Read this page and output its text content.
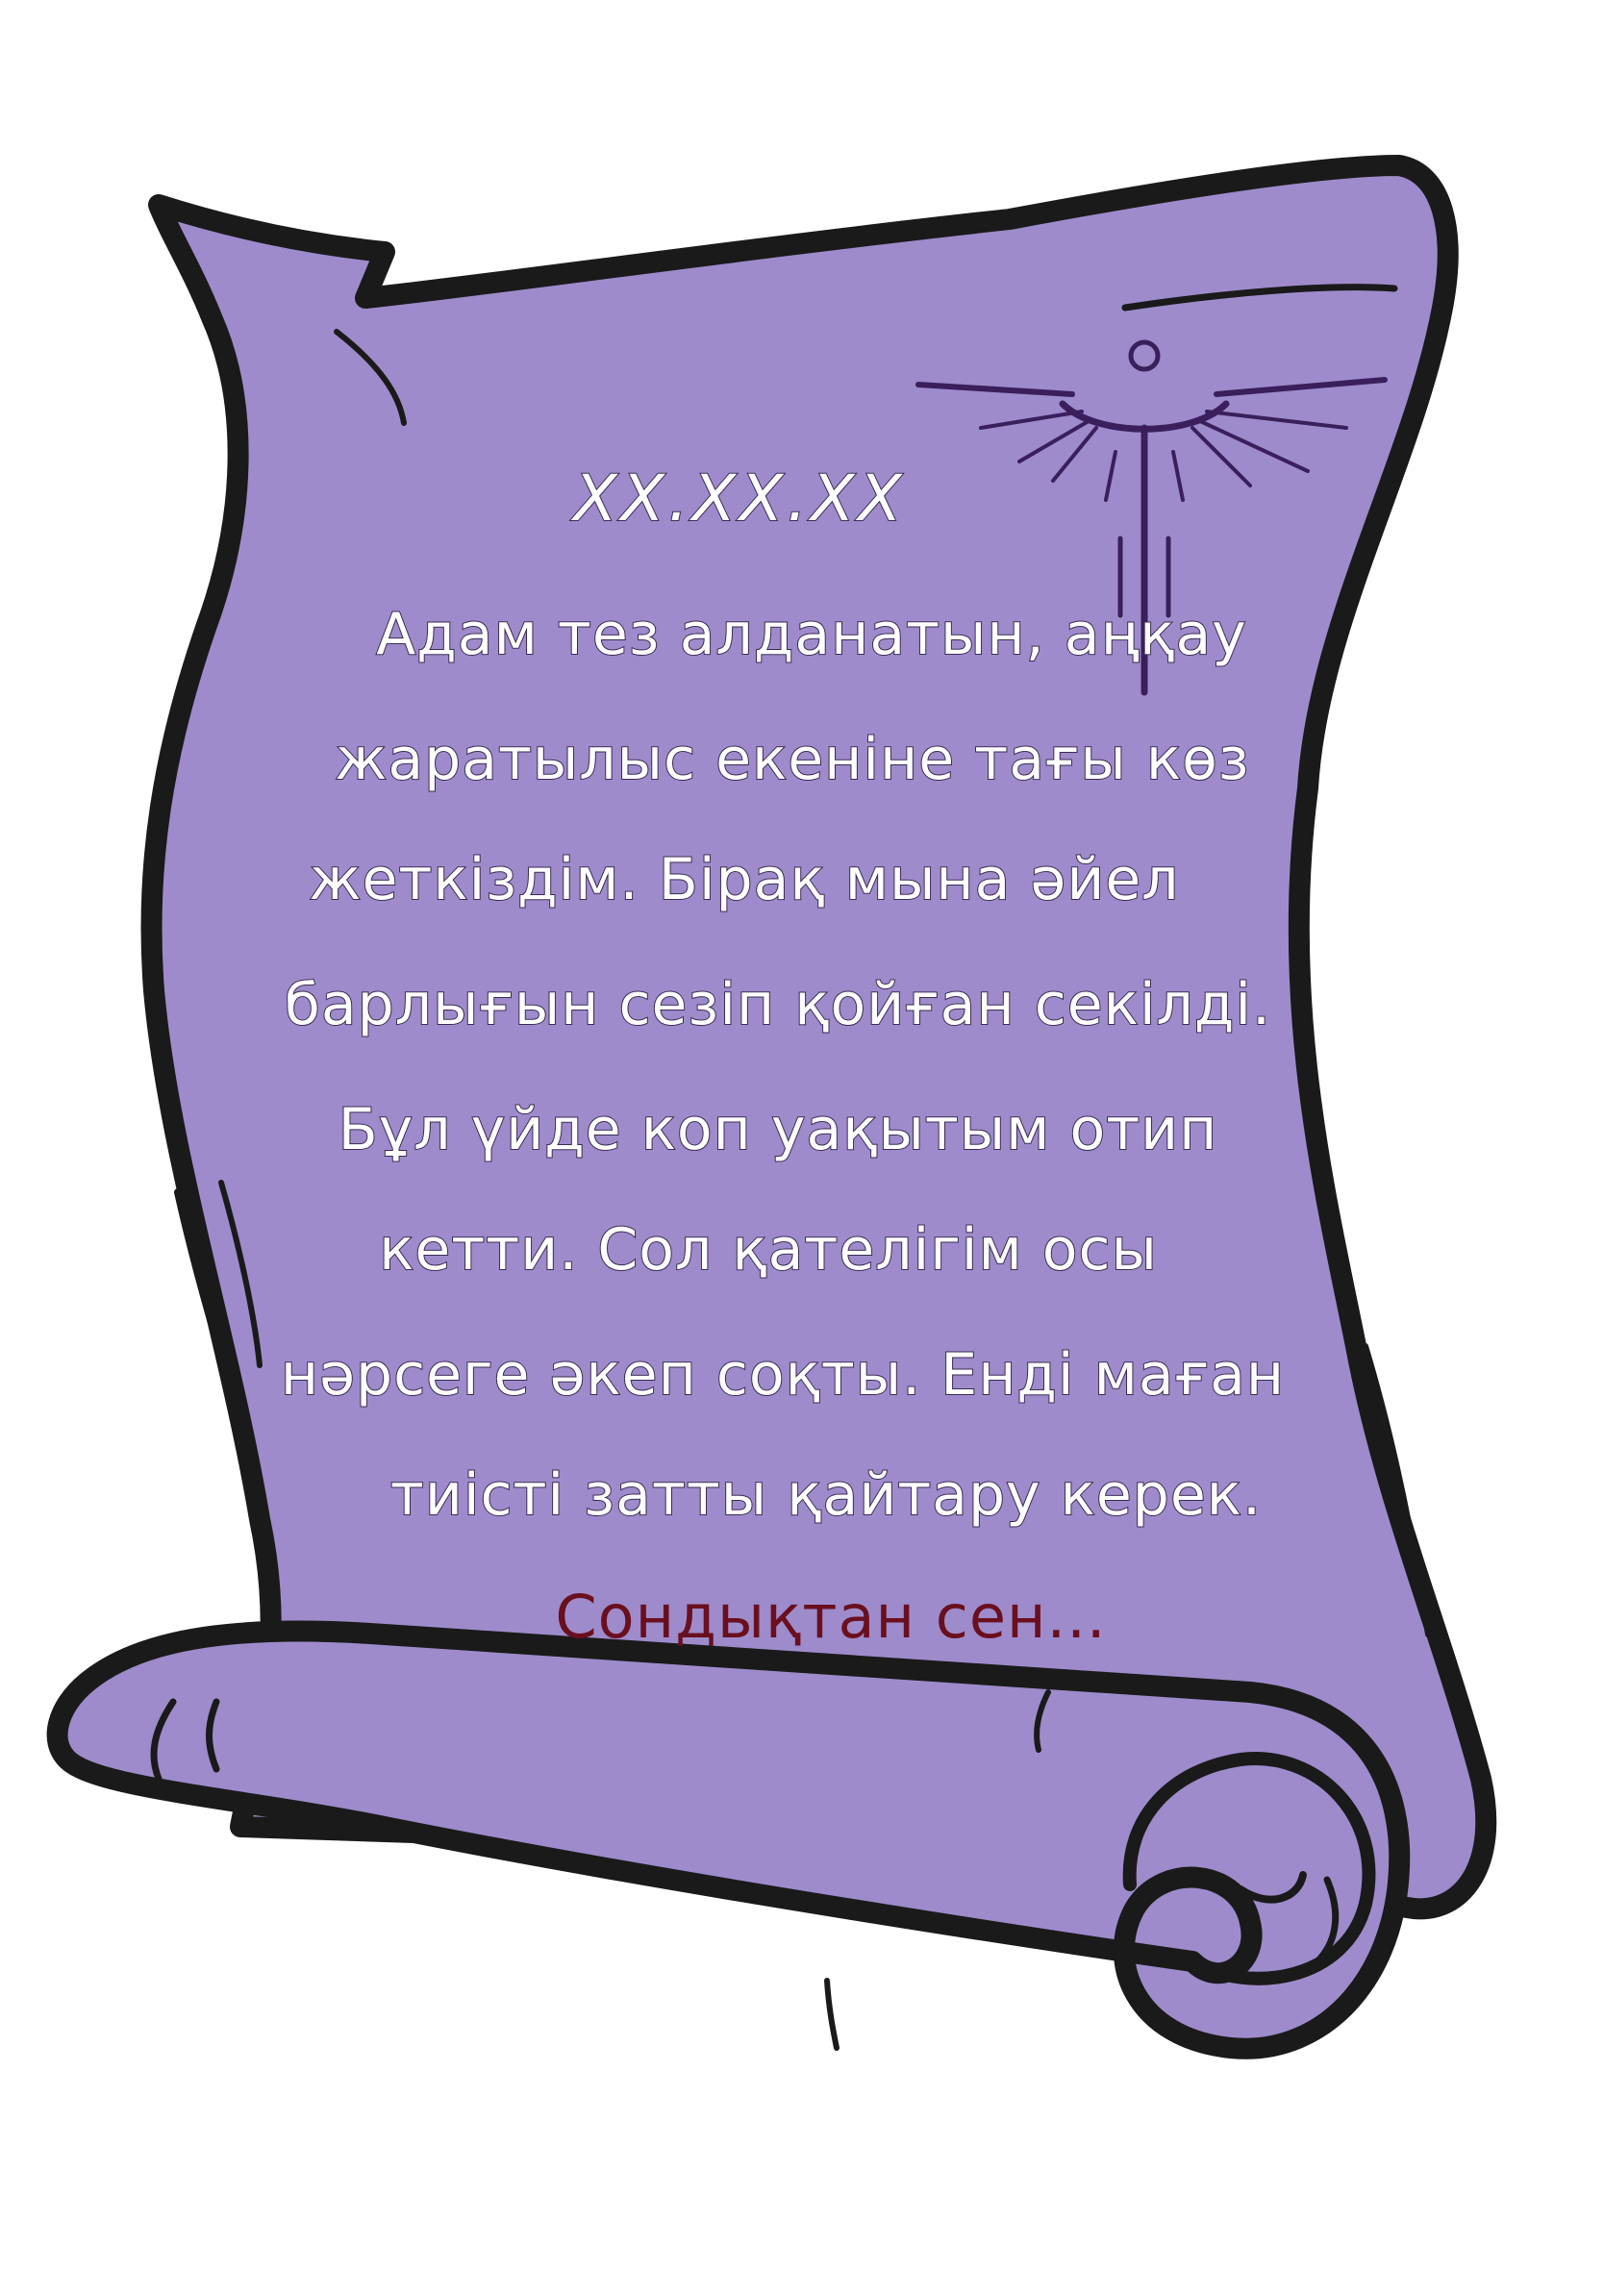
XX.XX.XX
Адам тез алданатын, аңқау
жаратылыс екеніне тағы көз
жеткіздім. Бірақ мына әйел
барлығын сезіп қойған секілді.
Бұл үйде коп уақытым отип
кетти. Сол қателігім осы
нәрсеге әкеп соқты. Енді маған
тиісті затты қайтару керек.
Сондықтан сен...
